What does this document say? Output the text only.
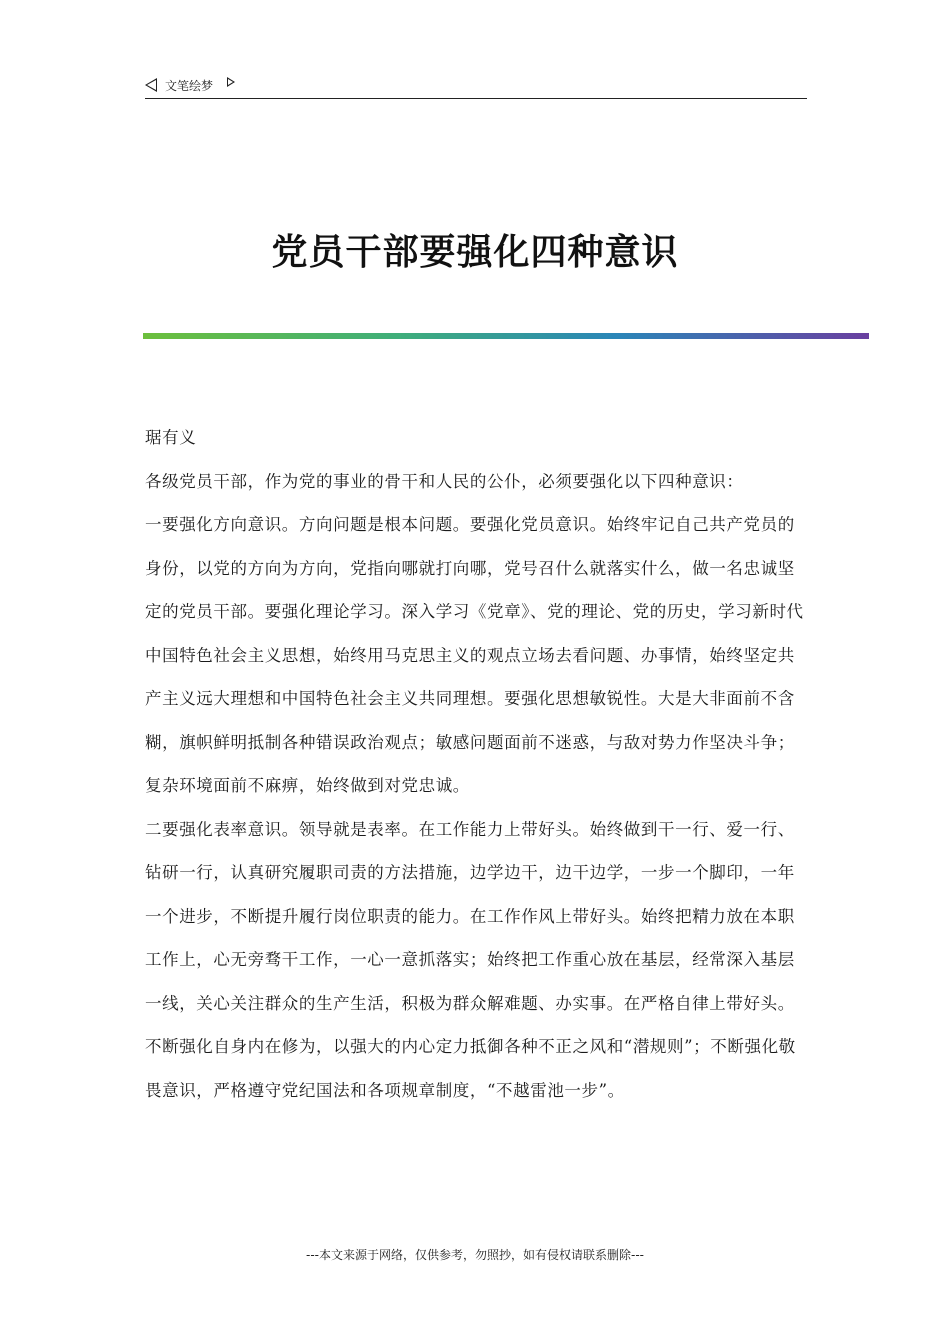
文笔绘梦
党员干部要强化四种意识

琚有义

各级党员干部，作为党的事业的骨干和人民的公仆，必须要强化以下四种意识：

一要强化方向意识。方向问题是根本问题。要强化党员意识。始终牢记自己共产党员的身份，以党的方向为方向，党指向哪就打向哪，党号召什么就落实什么，做一名忠诚坚定的党员干部。要强化理论学习。深入学习《党章》、党的理论、党的历史，学习新时代中国特色社会主义思想，始终用马克思主义的观点立场去看问题、办事情，始终坚定共产主义远大理想和中国特色社会主义共同理想。要强化思想敏锐性。大是大非面前不含糊，旗帜鲜明抵制各种错误政治观点；敏感问题面前不迷惑，与敌对势力作坚决斗争；复杂环境面前不麻痹，始终做到对党忠诚。

二要强化表率意识。领导就是表率。在工作能力上带好头。始终做到干一行、爱一行、钻研一行，认真研究履职司责的方法措施，边学边干，边干边学，一步一个脚印，一年一个进步，不断提升履行岗位职责的能力。在工作作风上带好头。始终把精力放在本职工作上，心无旁骛干工作，一心一意抓落实；始终把工作重心放在基层，经常深入基层一线，关心关注群众的生产生活，积极为群众解难题、办实事。在严格自律上带好头。不断强化自身内在修为，以强大的内心定力抵御各种不正之风和“潜规则”；不断强化敬畏意识，严格遵守党纪国法和各项规章制度，“不越雷池一步”。

---本文来源于网络，仅供参考，勿照抄，如有侵权请联系删除---
